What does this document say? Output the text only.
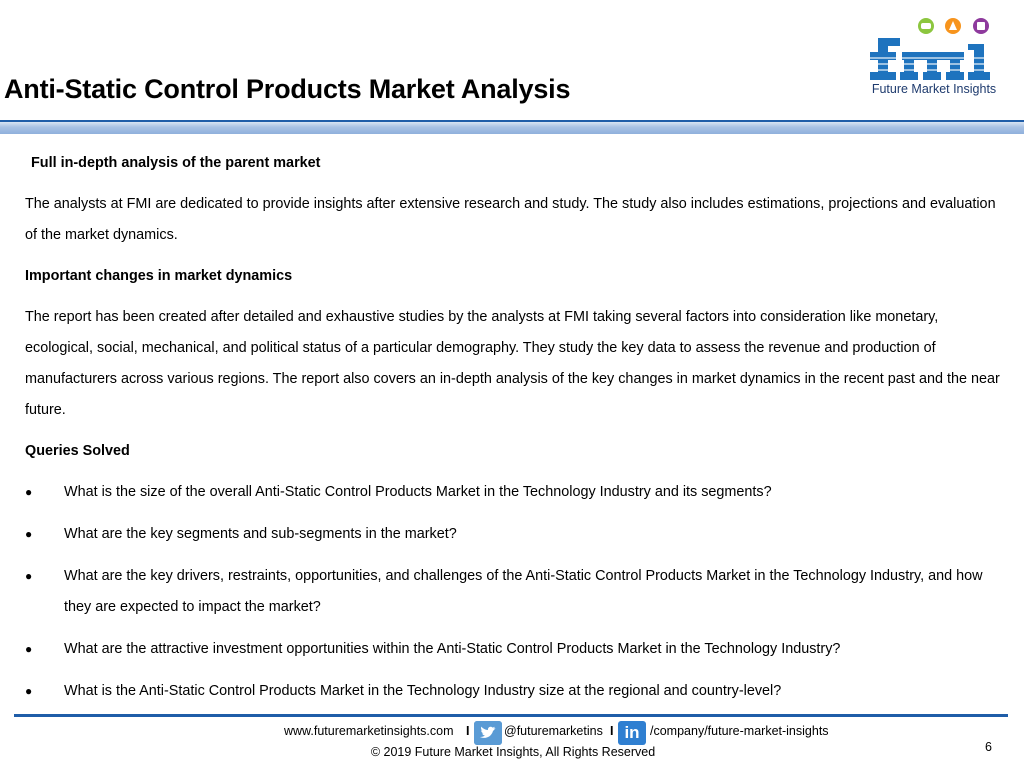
Anti-Static Control Products Market Analysis	Future Market Insights
Full in-depth analysis of the parent market
The analysts at FMI are dedicated to provide insights after extensive research and study. The study also includes estimations, projections and evaluation of the market dynamics.
Important changes in market dynamics
The report has been created after detailed and exhaustive studies by the analysts at FMI taking several factors into consideration like monetary, ecological, social, mechanical, and political status of a particular demography. They study the key data to assess the revenue and production of manufacturers across various regions. The report also covers an in-depth analysis of the key changes in market dynamics in the recent past and the near future.
Queries Solved
● What is the size of the overall Anti-Static Control Products Market in the Technology Industry and its segments?
● What are the key segments and sub-segments in the market?
● What are the key drivers, restraints, opportunities, and challenges of the Anti-Static Control Products Market in the Technology Industry, and how they are expected to impact the market?
● What are the attractive investment opportunities within the Anti-Static Control Products Market in the Technology Industry?
● What is the Anti-Static Control Products Market in the Technology Industry size at the regional and country-level?
www.futuremarketinsights.com I	@futuremarketins I in /company/future-market-insights
© 2019 Future Market Insights, All Rights Reserved	6
